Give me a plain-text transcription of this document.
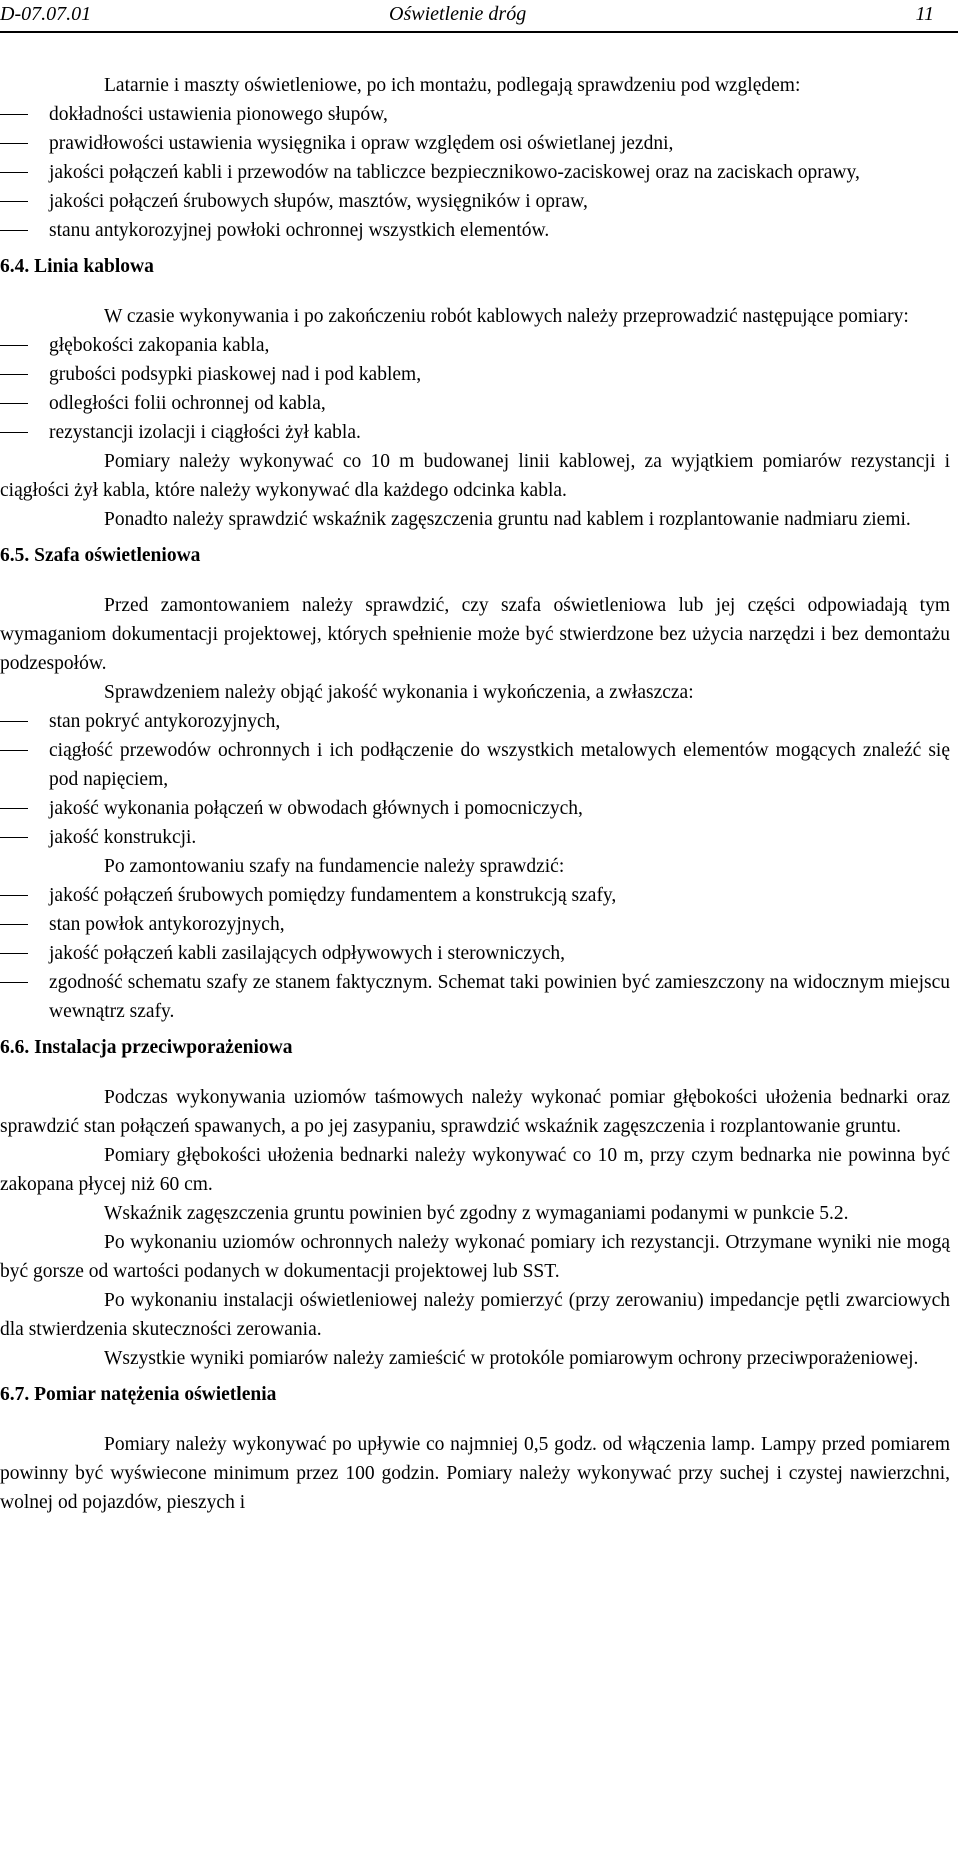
D-07.07.01	Oświetlenie dróg	11

Latarnie i maszty oświetleniowe, po ich montażu, podlegają sprawdzeniu pod względem:

dokładności ustawienia pionowego słupów,
prawidłowości ustawienia wysięgnika i opraw względem osi oświetlanej jezdni,
jakości połączeń kabli i przewodów na tabliczce bezpiecznikowo-zaciskowej oraz na zaciskach oprawy,
jakości połączeń śrubowych słupów, masztów, wysięgników i opraw,
stanu antykorozyjnej powłoki ochronnej wszystkich elementów.
6.4. Linia kablowa

W czasie wykonywania i po zakończeniu robót kablowych należy przeprowadzić następujące pomiary:

głębokości zakopania kabla,
grubości podsypki piaskowej nad i pod kablem,
odległości folii ochronnej od kabla,
rezystancji izolacji i ciągłości żył kabla.

Pomiary należy wykonywać co 10 m budowanej linii kablowej, za wyjątkiem pomiarów rezystancji i ciągłości żył kabla, które należy wykonywać dla każdego odcinka kabla.

Ponadto należy sprawdzić wskaźnik zagęszczenia gruntu nad kablem i rozplantowanie nadmiaru ziemi.

6.5. Szafa oświetleniowa

Przed zamontowaniem należy sprawdzić, czy szafa oświetleniowa lub jej części odpowiadają tym wymaganiom dokumentacji projektowej, których spełnienie może być stwierdzone bez użycia narzędzi i bez demontażu podzespołów.

Sprawdzeniem należy objąć jakość wykonania i wykończenia, a zwłaszcza:

stan pokryć antykorozyjnych,
ciągłość przewodów ochronnych i ich podłączenie do wszystkich metalowych elementów mogących znaleźć się pod napięciem,
jakość wykonania połączeń w obwodach głównych i pomocniczych,
jakość konstrukcji.

Po zamontowaniu szafy na fundamencie należy sprawdzić:

jakość połączeń śrubowych pomiędzy fundamentem a konstrukcją szafy,
stan powłok antykorozyjnych,
jakość połączeń kabli zasilających odpływowych i sterowniczych,
zgodność schematu szafy ze stanem faktycznym. Schemat taki powinien być zamieszczony na widocznym miejscu wewnątrz szafy.
6.6. Instalacja przeciwporażeniowa

Podczas wykonywania uziomów taśmowych należy wykonać pomiar głębokości ułożenia bednarki oraz sprawdzić stan połączeń spawanych, a po jej zasypaniu, sprawdzić wskaźnik zagęszczenia i rozplantowanie gruntu.

Pomiary głębokości ułożenia bednarki należy wykonywać co 10 m, przy czym bednarka nie powinna być zakopana płycej niż 60 cm.

Wskaźnik zagęszczenia gruntu powinien być zgodny z wymaganiami podanymi w punkcie 5.2.

Po wykonaniu uziomów ochronnych należy wykonać pomiary ich rezystancji. Otrzymane wyniki nie mogą być gorsze od wartości podanych w dokumentacji projektowej lub SST.

Po wykonaniu instalacji oświetleniowej należy pomierzyć (przy zerowaniu) impedancje pętli zwarciowych dla stwierdzenia skuteczności zerowania.

Wszystkie wyniki pomiarów należy zamieścić w protokóle pomiarowym ochrony przeciwporażeniowej.

6.7. Pomiar natężenia oświetlenia

Pomiary należy wykonywać po upływie co najmniej 0,5 godz. od włączenia lamp. Lampy przed pomiarem powinny być wyświecone minimum przez 100 godzin. Pomiary należy wykonywać przy suchej i czystej nawierzchni, wolnej od pojazdów, pieszych i
